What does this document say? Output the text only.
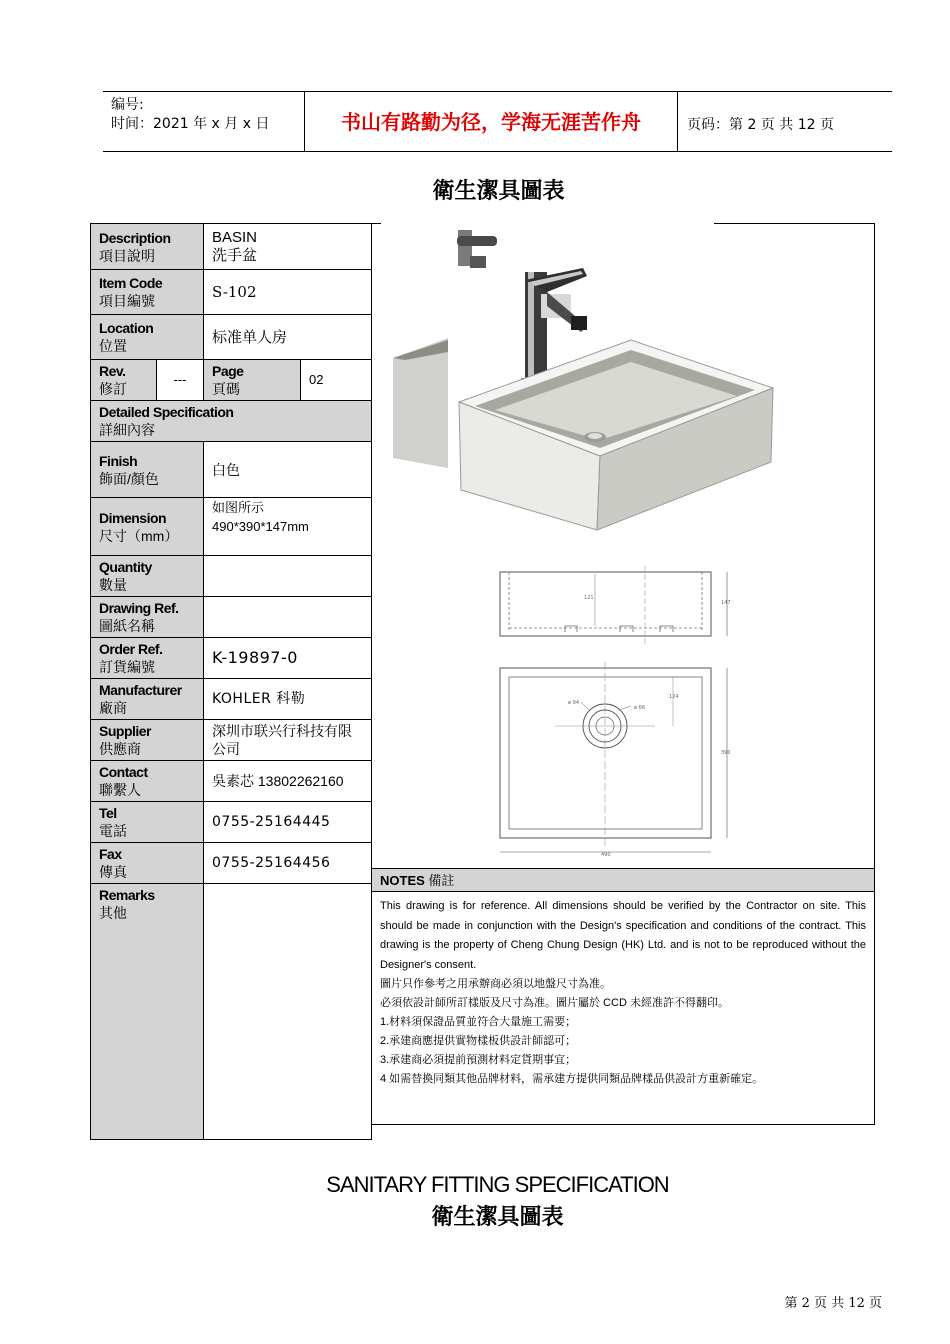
编号:
时间：2021 年 x 月 x 日	书山有路勤为径，学海无涯苦作舟	页码：第 2 页 共 12 页
衛生潔具圖表
Description
項目說明		BASIN
洗手盆	

Item Code
項目編號		S-102	

Location
位置		标准单人房	

Rev.
修訂	---	Page
頁碼	02

Detailed Specification
詳細內容			

Finish
飾面/顏色		白色	

Dimension
尺寸（mm）		如图所示
490*390*147mm	

Quantity
數量			

Drawing Ref.
圖紙名稱			

Order Ref.
訂貨編號		K-19897-0	

Manufacturer
廠商		KOHLER 科勒	

Supplier
供應商		深圳市联兴行科技有限公司	

Contact
聯繫人		吳素芯 13802262160	

Tel
電話		0755-25164445	

Fax
傳真		0755-25164456	

Remarks
其他			

121
147
ø 94
ø 66
124
390
490
NOTES 備註

This drawing is for reference. All dimensions should be verified by the Contractor on site. This should be made in conjunction with the Design's specification and conditions of the contract. This drawing is the property of Cheng Chung Design (HK) Ltd. and is not to be reproduced without the Designer's consent.

圖片只作參考之用承辦商必須以地盤尺寸為准。

必須依設計師所訂樣版及尺寸為准。圖片屬於 CCD 未經准許不得翻印。

1.材料須保證品質並符合大量施工需要；

2.承建商應提供實物樣板供設計師認可；

3.承建商必須提前預測材料定貨期事宜；

4 如需替換同類其他品牌材料，需承建方提供同類品牌樣品供設計方重新確定。

SANITARY FITTING SPECIFICATION
衛生潔具圖表
第 2 页 共 12 页
